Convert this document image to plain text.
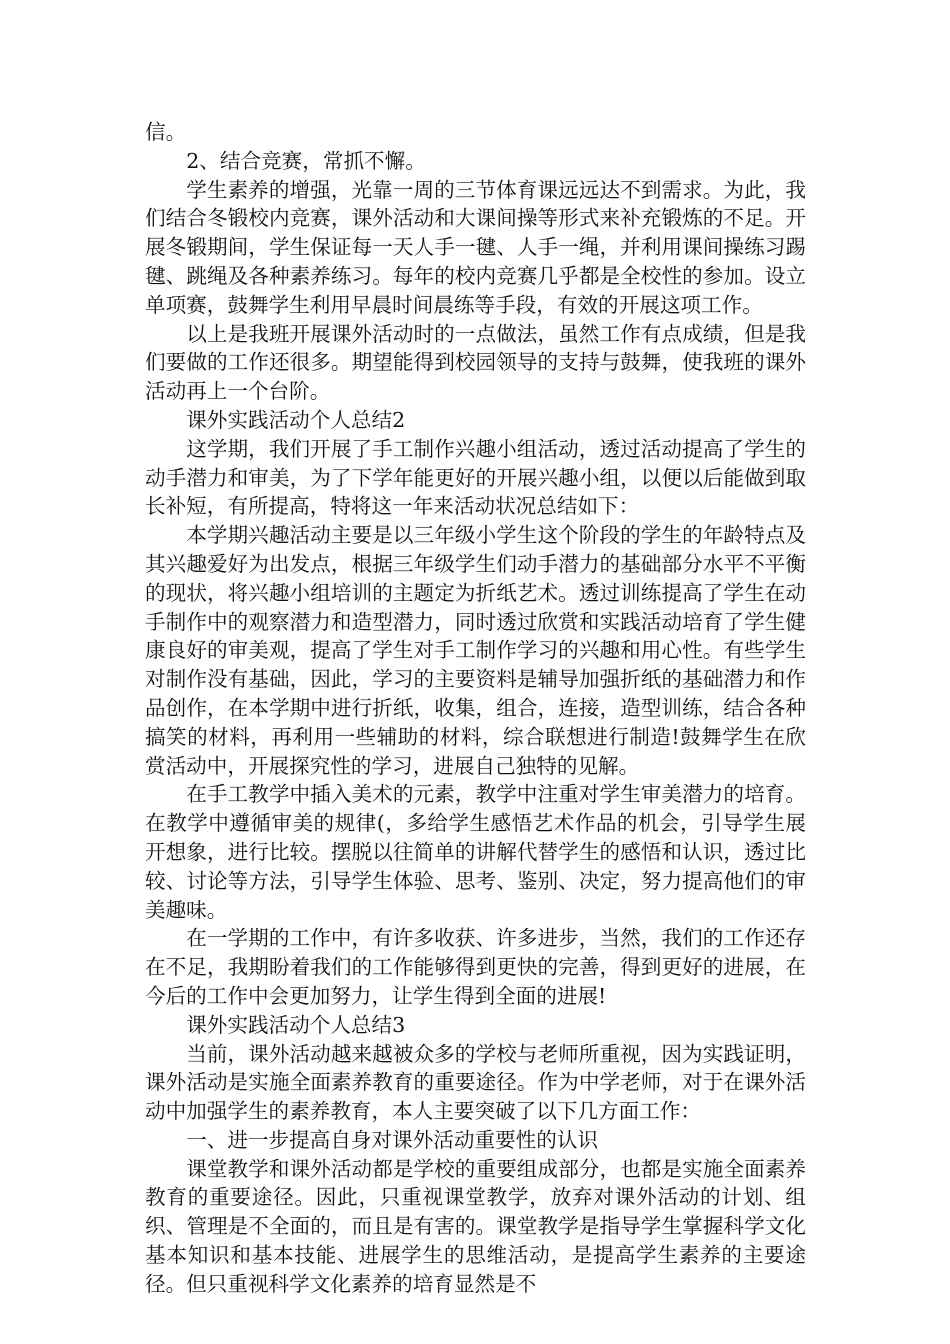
信。

2、结合竞赛，常抓不懈。

学生素养的增强，光靠一周的三节体育课远远达不到需求。为此，我们结合冬锻校内竞赛，课外活动和大课间操等形式来补充锻炼的不足。开展冬锻期间，学生保证每一天人手一毽、人手一绳，并利用课间操练习踢毽、跳绳及各种素养练习。每年的校内竞赛几乎都是全校性的参加。设立单项赛，鼓舞学生利用早晨时间晨练等手段，有效的开展这项工作。

以上是我班开展课外活动时的一点做法，虽然工作有点成绩，但是我们要做的工作还很多。期望能得到校园领导的支持与鼓舞，使我班的课外活动再上一个台阶。

课外实践活动个人总结2

这学期，我们开展了手工制作兴趣小组活动，透过活动提高了学生的动手潜力和审美，为了下学年能更好的开展兴趣小组，以便以后能做到取长补短，有所提高，特将这一年来活动状况总结如下：

本学期兴趣活动主要是以三年级小学生这个阶段的学生的年龄特点及其兴趣爱好为出发点，根据三年级学生们动手潜力的基础部分水平不平衡的现状，将兴趣小组培训的主题定为折纸艺术。透过训练提高了学生在动手制作中的观察潜力和造型潜力，同时透过欣赏和实践活动培育了学生健康良好的审美观，提高了学生对手工制作学习的兴趣和用心性。有些学生对制作没有基础，因此，学习的主要资料是辅导加强折纸的基础潜力和作品创作，在本学期中进行折纸，收集，组合，连接，造型训练，结合各种搞笑的材料，再利用一些辅助的材料，综合联想进行制造!鼓舞学生在欣赏活动中，开展探究性的学习，进展自己独特的见解。

在手工教学中插入美术的元素，教学中注重对学生审美潜力的培育。在教学中遵循审美的规律(，多给学生感悟艺术作品的机会，引导学生展开想象，进行比较。摆脱以往简单的讲解代替学生的感悟和认识，透过比较、讨论等方法，引导学生体验、思考、鉴别、决定，努力提高他们的审美趣味。

在一学期的工作中，有许多收获、许多进步，当然，我们的工作还存在不足，我期盼着我们的工作能够得到更快的完善，得到更好的进展，在今后的工作中会更加努力，让学生得到全面的进展!

课外实践活动个人总结3

当前，课外活动越来越被众多的学校与老师所重视，因为实践证明，课外活动是实施全面素养教育的重要途径。作为中学老师，对于在课外活动中加强学生的素养教育，本人主要突破了以下几方面工作：

一、进一步提高自身对课外活动重要性的认识

课堂教学和课外活动都是学校的重要组成部分，也都是实施全面素养教育的重要途径。因此，只重视课堂教学，放弃对课外活动的计划、组织、管理是不全面的，而且是有害的。课堂教学是指导学生掌握科学文化基本知识和基本技能、进展学生的思维活动，是提高学生素养的主要途径。但只重视科学文化素养的培育显然是不
